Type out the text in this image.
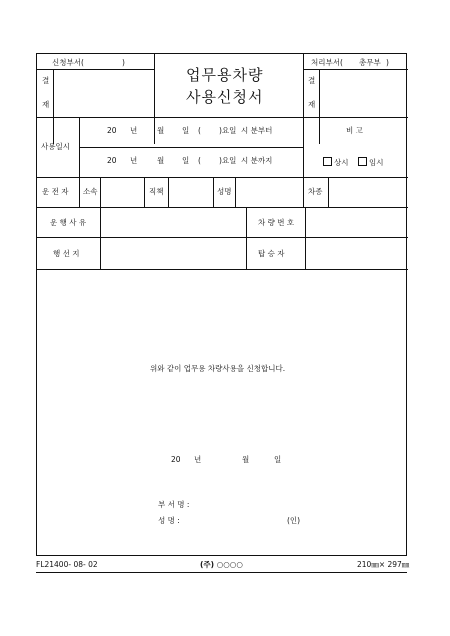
신청부서(	)	처리부서( 총무부 )
결
재
결
재
업무용차량
사용신청서
사용일시
20 년	월 일 ( )요일 시 분부터
20 년	월 일 ( )요일 시 분까지
비 고
상시	임시
운 전 자 소속	직책	성명	차종
운 행 사 유	차 량 번 호
행 선 지	탑 승 자
위와 같이 업무용 차량사용을 신청합니다.
20 년	월	일
부 서 명 :
성 명 :	(인)
FL21400- 08- 02	(주) ○○○○	210㎜× 297㎜
